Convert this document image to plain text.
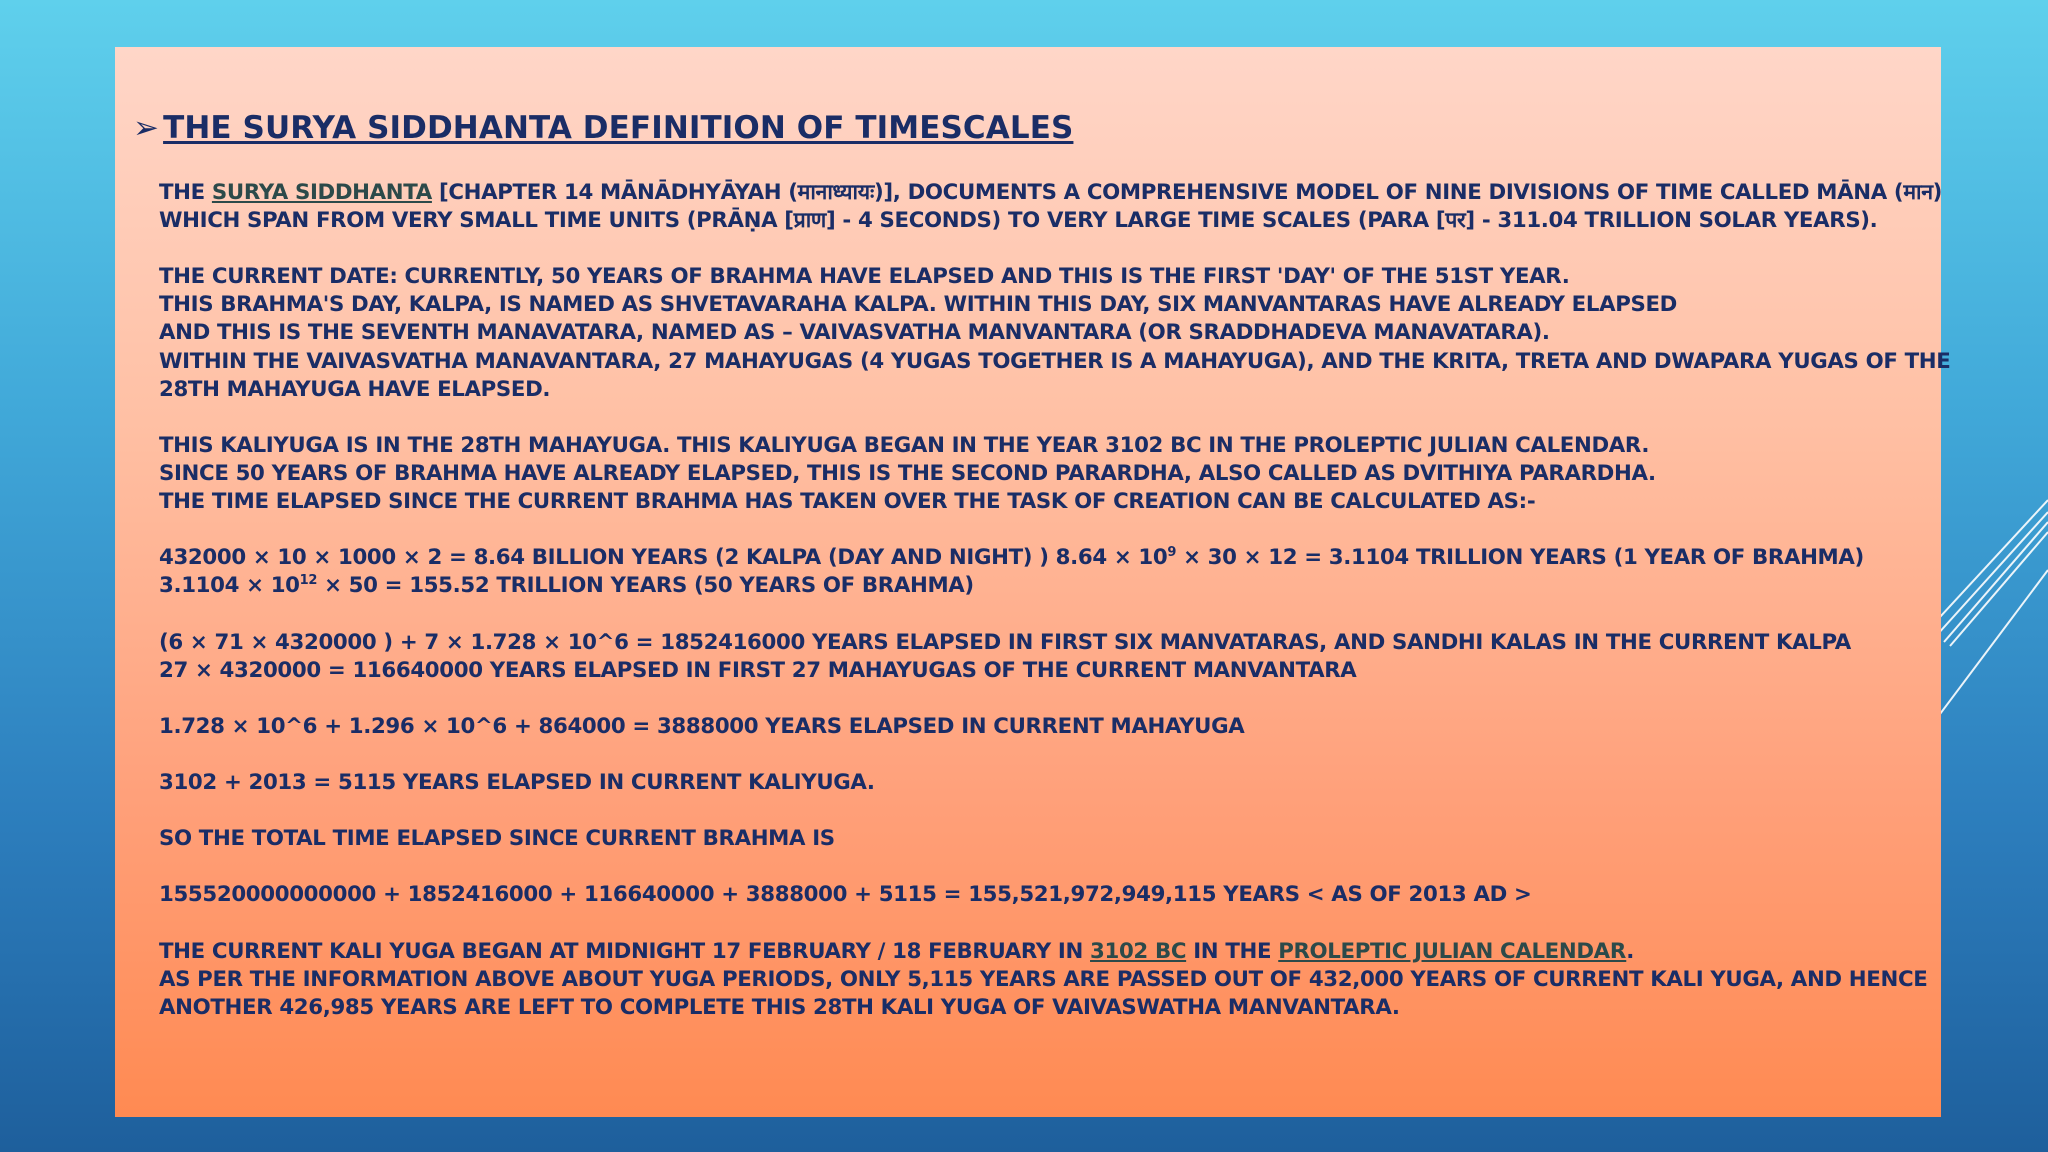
➢ THE SURYA SIDDHANTA DEFINITION OF TIMESCALES
THE SURYA SIDDHANTA [CHAPTER 14 MĀNĀDHYĀYAH (मानाध्यायः)], DOCUMENTS A COMPREHENSIVE MODEL OF NINE DIVISIONS OF TIME CALLED MĀNA (मान)
WHICH SPAN FROM VERY SMALL TIME UNITS (PRĀṆA [प्राण] - 4 SECONDS) TO VERY LARGE TIME SCALES (PARA [पर] - 311.04 TRILLION SOLAR YEARS).
THE CURRENT DATE: CURRENTLY, 50 YEARS OF BRAHMA HAVE ELAPSED AND THIS IS THE FIRST 'DAY' OF THE 51ST YEAR.
THIS BRAHMA'S DAY, KALPA, IS NAMED AS SHVETAVARAHA KALPA. WITHIN THIS DAY, SIX MANVANTARAS HAVE ALREADY ELAPSED
AND THIS IS THE SEVENTH MANAVATARA, NAMED AS – VAIVASVATHA MANVANTARA (OR SRADDHADEVA MANAVATARA).
WITHIN THE VAIVASVATHA MANAVANTARA, 27 MAHAYUGAS (4 YUGAS TOGETHER IS A MAHAYUGA), AND THE KRITA, TRETA AND DWAPARA YUGAS OF THE
28TH MAHAYUGA HAVE ELAPSED.
THIS KALIYUGA IS IN THE 28TH MAHAYUGA. THIS KALIYUGA BEGAN IN THE YEAR 3102 BC IN THE PROLEPTIC JULIAN CALENDAR.
SINCE 50 YEARS OF BRAHMA HAVE ALREADY ELAPSED, THIS IS THE SECOND PARARDHA, ALSO CALLED AS DVITHIYA PARARDHA.
THE TIME ELAPSED SINCE THE CURRENT BRAHMA HAS TAKEN OVER THE TASK OF CREATION CAN BE CALCULATED AS:-
432000 × 10 × 1000 × 2 = 8.64 BILLION YEARS (2 KALPA (DAY AND NIGHT) ) $8.64 \times 10^9 \times 30 \times 12 = 3.1104$ TRILLION YEARS (1 YEAR OF BRAHMA)
$3.1104 \times 10^{12} \times 50 = 155.52$ TRILLION YEARS (50 YEARS OF BRAHMA)
(6 × 71 × 4320000 ) + 7 × 1.728 × 10^6 = 1852416000 YEARS ELAPSED IN FIRST SIX MANVATARAS, AND SANDHI KALAS IN THE CURRENT KALPA
27 × 4320000 = 116640000 YEARS ELAPSED IN FIRST 27 MAHAYUGAS OF THE CURRENT MANVANTARA
1.728 × 10^6 + 1.296 × 10^6 + 864000 = 3888000 YEARS ELAPSED IN CURRENT MAHAYUGA
3102 + 2013 = 5115 YEARS ELAPSED IN CURRENT KALIYUGA.
SO THE TOTAL TIME ELAPSED SINCE CURRENT BRAHMA IS
155520000000000 + 1852416000 + 116640000 + 3888000 + 5115 = 155,521,972,949,115 YEARS < AS OF 2013 AD >
THE CURRENT KALI YUGA BEGAN AT MIDNIGHT 17 FEBRUARY / 18 FEBRUARY IN 3102 BC IN THE PROLEPTIC JULIAN CALENDAR.
AS PER THE INFORMATION ABOVE ABOUT YUGA PERIODS, ONLY 5,115 YEARS ARE PASSED OUT OF 432,000 YEARS OF CURRENT KALI YUGA, AND HENCE
ANOTHER 426,985 YEARS ARE LEFT TO COMPLETE THIS 28TH KALI YUGA OF VAIVASWATHA MANVANTARA.
